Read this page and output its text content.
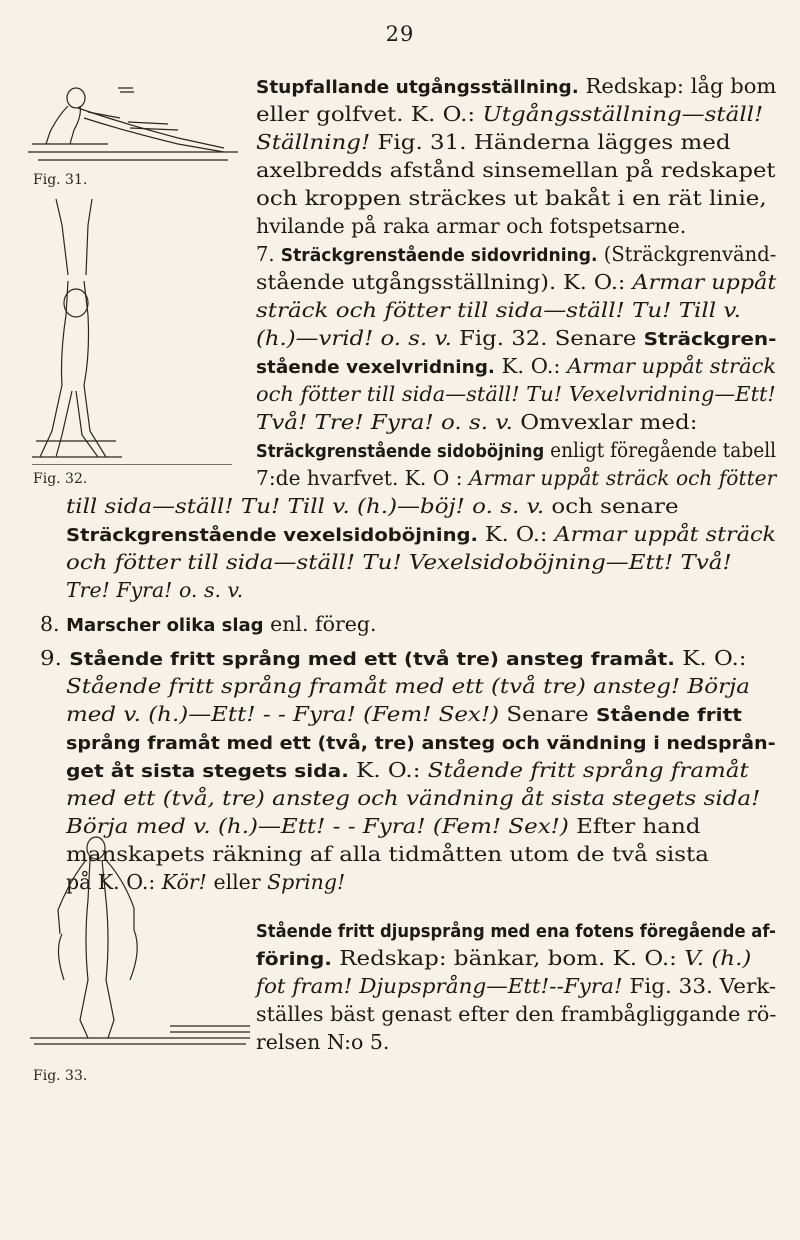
29
Fig. 31.
Fig. 32.
Fig. 33.
Stupfallande utgångsställning. Redskap: låg bom
eller golfvet. K. O.: Utgångsställning—ställ!
Ställning! Fig. 31. Händerna lägges med
axelbredds afstånd sinsemellan på redskapet
och kroppen sträckes ut bakåt i en rät linie,
hvilande på raka armar och fotspetsarne.
7. Sträckgrenstående sidovridning. (Sträckgrenvänd-
stående utgångsställning). K. O.: Armar uppåt
sträck och fötter till sida—ställ! Tu! Till v.
(h.)—vrid! o. s. v. Fig. 32. Senare Sträckgren-
stående vexelvridning. K. O.: Armar uppåt sträck
och fötter till sida—ställ! Tu! Vexelvridning—Ett!
Två! Tre! Fyra! o. s. v. Omvexlar med:
Sträckgrenstående sidoböjning enligt föregående tabell
7:de hvarfvet. K. O : Armar uppåt sträck och fötter
till sida—ställ! Tu! Till v. (h.)—böj! o. s. v. och senare
Sträckgrenstående vexelsidoböjning. K. O.: Armar uppåt sträck
och fötter till sida—ställ! Tu! Vexelsidoböjning—Ett! Två!
Tre! Fyra! o. s. v.
8. Marscher olika slag enl. föreg.
9. Stående fritt språng med ett (två tre) ansteg framåt. K. O.:
Stående fritt språng framåt med ett (två tre) ansteg! Börja
med v. (h.)—Ett! - - Fyra! (Fem! Sex!) Senare Stående fritt
språng framåt med ett (två, tre) ansteg och vändning i nedsprån-
get åt sista stegets sida. K. O.: Stående fritt språng framåt
med ett (två, tre) ansteg och vändning åt sista stegets sida!
Börja med v. (h.)—Ett! - - Fyra! (Fem! Sex!) Efter hand
manskapets räkning af alla tidmåtten utom de två sista
på K. O.: Kör! eller Spring!
Stående fritt djupsprång med ena fotens föregående af-
föring. Redskap: bänkar, bom. K. O.: V. (h.)
fot fram! Djupsprång—Ett!--Fyra! Fig. 33. Verk-
ställes bäst genast efter den frambågliggande rö-
relsen N:o 5.
